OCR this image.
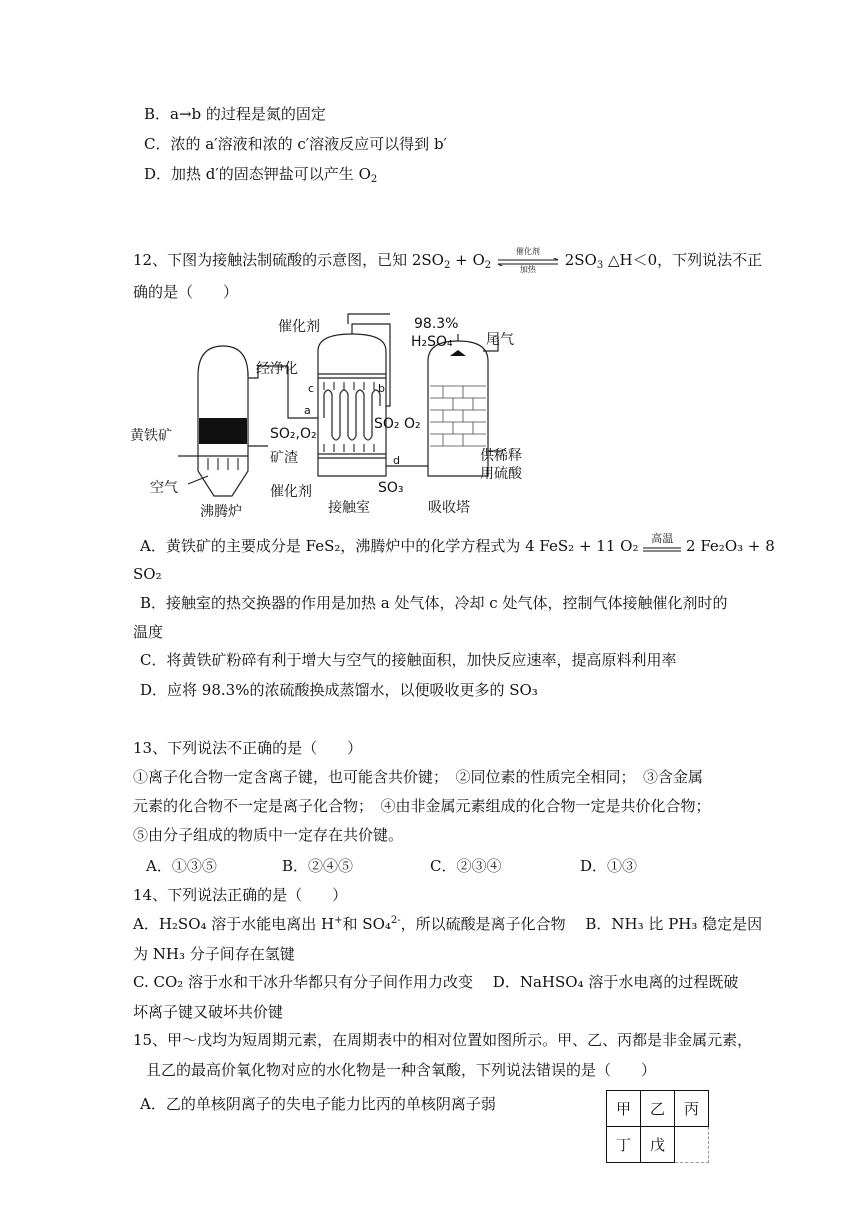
B．a→b 的过程是氮的固定
C．浓的 a′溶液和浓的 c′溶液反应可以得到 b′
D．加热 d′的固态钾盐可以产生 $O_2$
12、下图为接触法制硫酸的示意图，已知 $2SO_2 + O_2$
催化剂
加热
$2SO_3$ △H＜0，下列说法不正
确的是（　　）
催化剂
经净化
98.3%
H₂SO₄ 尾气
c	b
a
d
黄铁矿	SO₂,O₂
矿渣
SO₂ O₂
供稀释
用硫酸
空气	催化剂	SO₃
沸腾炉	接触室	吸收塔
A．黄铁矿的主要成分是 FeS₂，沸腾炉中的化学方程式为 4 FeS₂ + 11 O₂	高温 2 Fe₂O₃ + 8
SO₂
B．接触室的热交换器的作用是加热 a 处气体，冷却 c 处气体，控制气体接触催化剂时的
温度
C．将黄铁矿粉碎有利于增大与空气的接触面积，加快反应速率，提高原料利用率
D．应将 98.3%的浓硫酸换成蒸馏水，以便吸收更多的 SO₃
13、下列说法不正确的是（　　）
①离子化合物一定含离子键，也可能含共价键；　②同位素的性质完全相同；　③含金属
元素的化合物不一定是离子化合物；　④由非金属元素组成的化合物一定是共价化合物；
⑤由分子组成的物质中一定存在共价键。
A．①③⑤	B．②④⑤	C．②③④	D．①③
14、下列说法正确的是（　　）
A．H₂SO₄ 溶于水能电离出 H+和 SO₄$^{2-}$，所以硫酸是离子化合物　 B．NH₃ 比 PH₃ 稳定是因
为 NH₃ 分子间存在氢键
C. CO₂ 溶于水和干冰升华都只有分子间作用力改变　 D．NaHSO₄ 溶于水电离的过程既破
坏离子键又破坏共价键
15、甲～戊均为短周期元素，在周期表中的相对位置如图所示。甲、乙、丙都是非金属元素，
且乙的最高价氧化物对应的水化物是一种含氧酸，下列说法错误的是（　　）
A．乙的单核阴离子的失电子能力比丙的单核阴离子弱	甲	乙	丙
丁	戊	
